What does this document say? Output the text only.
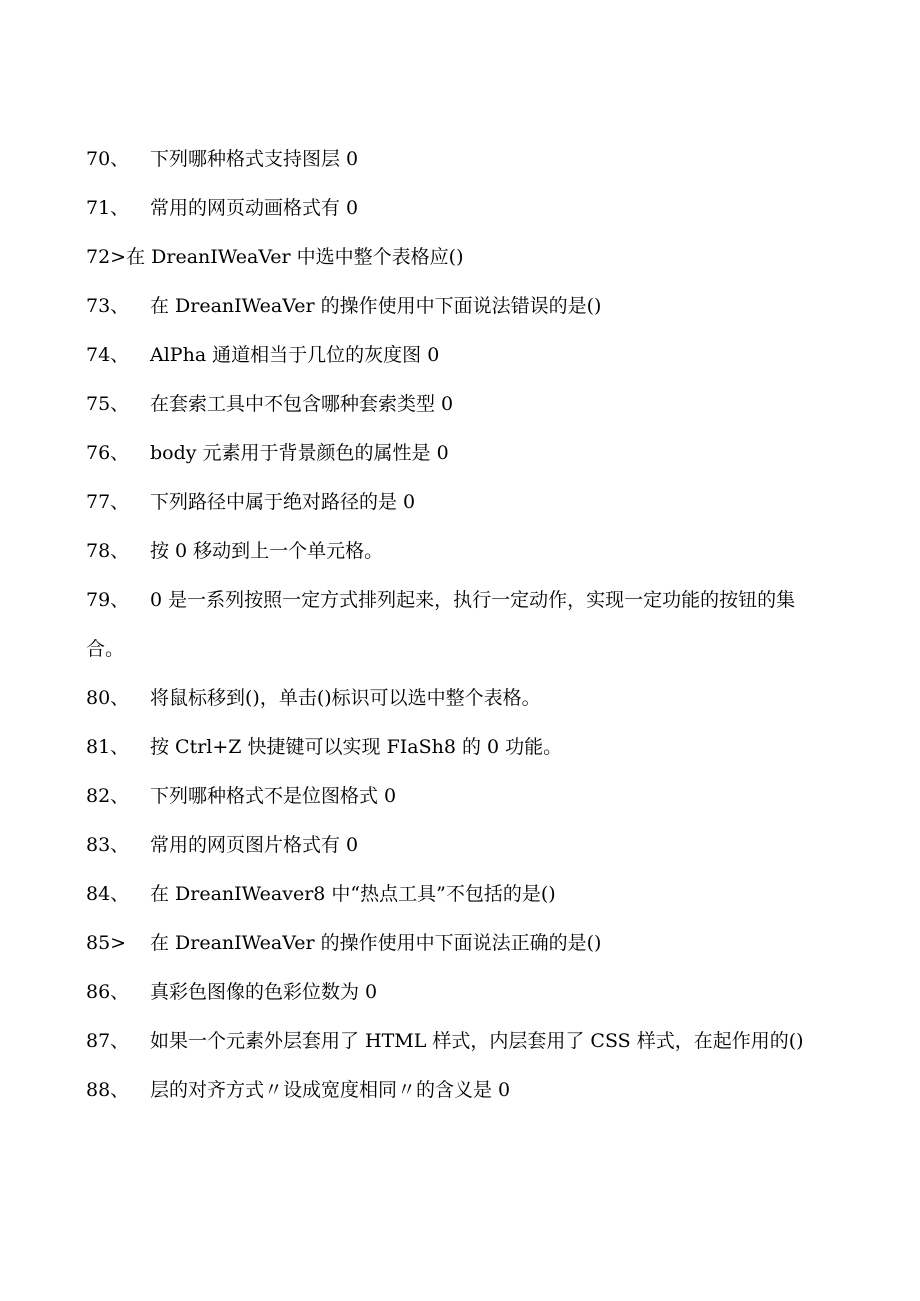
70、	下列哪种格式支持图层 0
71、	常用的网页动画格式有 0
72> 在 DreanIWeaVer 中选中整个表格应()
73、	在 DreanIWeaVer 的操作使用中下面说法错误的是()
74、	AlPha 通道相当于几位的灰度图 0
75、	在套索工具中不包含哪种套索类型 0
76、	body 元素用于背景颜色的属性是 0
77、	下列路径中属于绝对路径的是 0
78、	按 0 移动到上一个单元格。
79、 0 是一系列按照一定方式排列起来，执行一定动作，实现一定功能的按钮的集合。
80、	将鼠标移到()，单击()标识可以选中整个表格。
81、	按 Ctrl+Z 快捷键可以实现 FIaSh8 的 0 功能。
82、	下列哪种格式不是位图格式 0
83、	常用的网页图片格式有 0
84、	在 DreanIWeaver8 中“热点工具”不包括的是()
85>	在 DreanIWeaVer 的操作使用中下面说法正确的是()
86、	真彩色图像的色彩位数为 0
87、 如果一个元素外层套用了 HTML 样式，内层套用了 CSS 样式，在起作用的()
88、	层的对齐方式〃设成宽度相同〃的含义是 0
